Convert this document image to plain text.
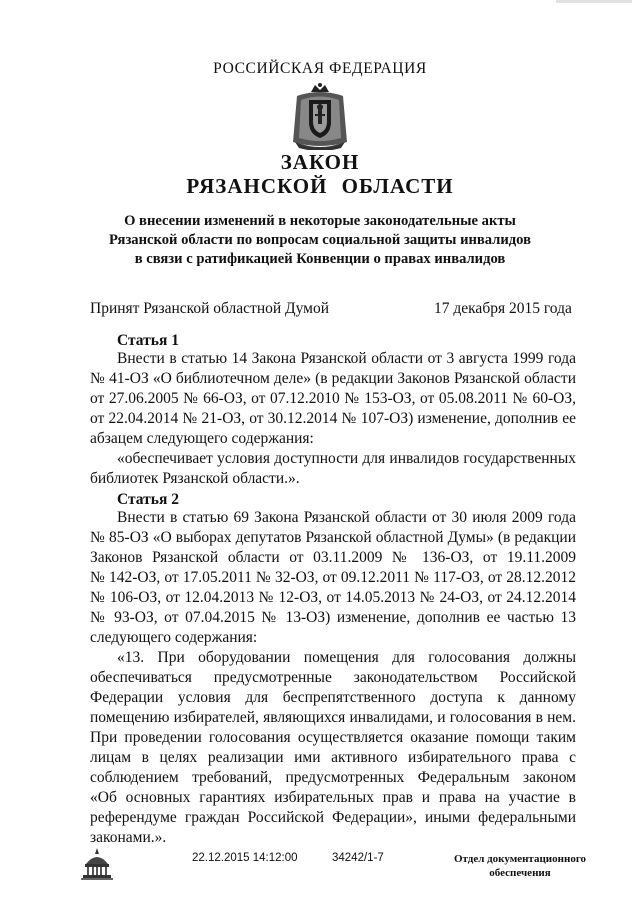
РОССИЙСКАЯ ФЕДЕРАЦИЯ
ЗАКОН
РЯЗАНСКОЙ ОБЛАСТИ
О внесении изменений в некоторые законодательные акты
Рязанской области по вопросам социальной защиты инвалидов
в связи с ратификацией Конвенции о правах инвалидов
Принят Рязанской областной Думой	17 декабря 2015 года
Статья 1
Внести в статью 14 Закона Рязанской области от 3 августа 1999 года
№ 41-ОЗ «О библиотечном деле» (в редакции Законов Рязанской области
от 27.06.2005 № 66-ОЗ, от 07.12.2010 № 153-ОЗ, от 05.08.2011 № 60-ОЗ,
от 22.04.2014 № 21-ОЗ, от 30.12.2014 № 107-ОЗ) изменение, дополнив ее
абзацем следующего содержания:
«обеспечивает условия доступности для инвалидов государственных
библиотек Рязанской области.».
Статья 2
Внести в статью 69 Закона Рязанской области от 30 июля 2009 года
№ 85-ОЗ «О выборах депутатов Рязанской областной Думы» (в редакции
Законов Рязанской области от 03.11.2009 № 136-ОЗ, от 19.11.2009
№ 142-ОЗ, от 17.05.2011 № 32-ОЗ, от 09.12.2011 № 117-ОЗ, от 28.12.2012
№ 106-ОЗ, от 12.04.2013 № 12-ОЗ, от 14.05.2013 № 24-ОЗ, от 24.12.2014
№ 93-ОЗ, от 07.04.2015 № 13-ОЗ) изменение, дополнив ее частью 13
следующего содержания:
«13. При оборудовании помещения для голосования должны
обеспечиваться предусмотренные законодательством Российской
Федерации условия для беспрепятственного доступа к данному
помещению избирателей, являющихся инвалидами, и голосования в нем.
При проведении голосования осуществляется оказание помощи таким
лицам в целях реализации ими активного избирательного права с
соблюдением требований, предусмотренных Федеральным законом
«Об основных гарантиях избирательных прав и права на участие в
референдуме граждан Российской Федерации», иными федеральными
законами.».
22.12.2015 14:12:00	34242/1-7	Отдел документационного
обеспечения
